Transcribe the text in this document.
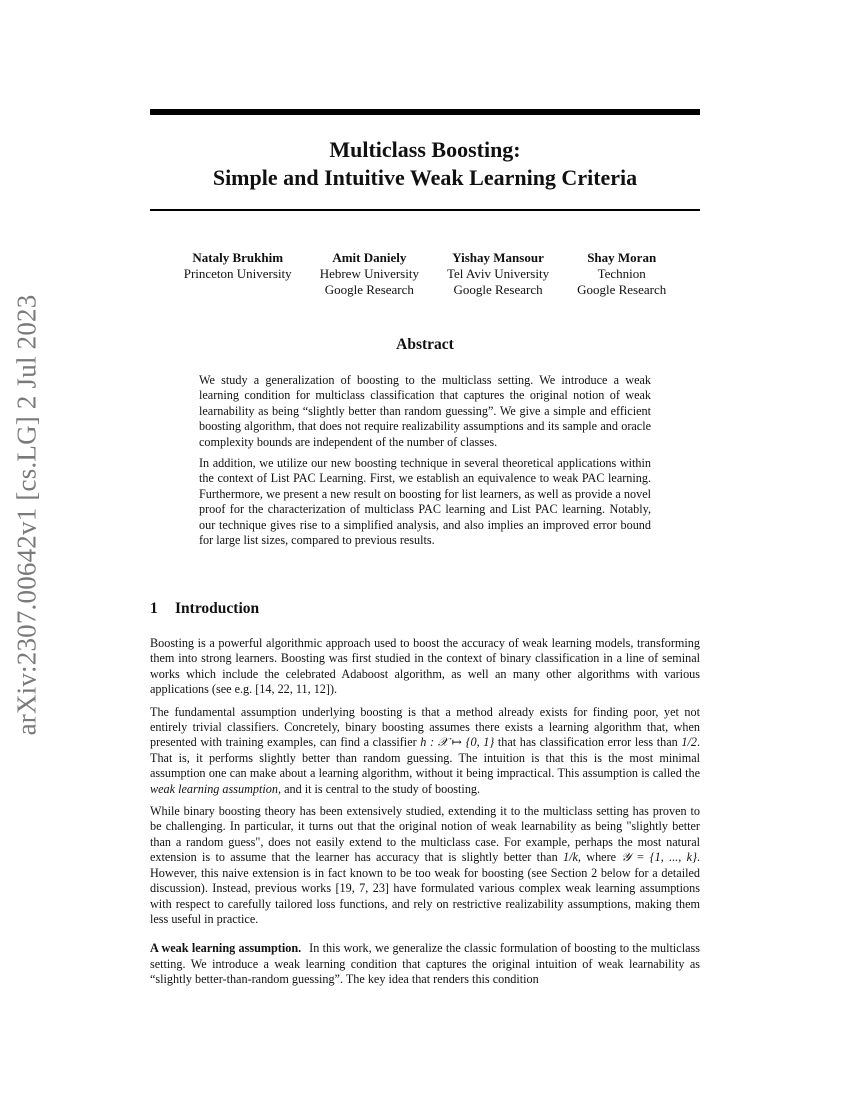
arXiv:2307.00642v1 [cs.LG] 2 Jul 2023
Multiclass Boosting:
Simple and Intuitive Weak Learning Criteria
Nataly Brukhim
Princeton University
Amit Daniely
Hebrew University
Google Research
Yishay Mansour
Tel Aviv University
Google Research
Shay Moran
Technion
Google Research
Abstract

We study a generalization of boosting to the multiclass setting. We introduce a weak learning condition for multiclass classification that captures the original notion of weak learnability as being “slightly better than random guessing”. We give a simple and efficient boosting algorithm, that does not require realizability assumptions and its sample and oracle complexity bounds are independent of the number of classes.

In addition, we utilize our new boosting technique in several theoretical applications within the context of List PAC Learning. First, we establish an equivalence to weak PAC learning. Furthermore, we present a new result on boosting for list learners, as well as provide a novel proof for the characterization of multiclass PAC learning and List PAC learning. Notably, our technique gives rise to a simplified analysis, and also implies an improved error bound for large list sizes, compared to previous results.

1 Introduction

Boosting is a powerful algorithmic approach used to boost the accuracy of weak learning models, transforming them into strong learners. Boosting was first studied in the context of binary classification in a line of seminal works which include the celebrated Adaboost algorithm, as well an many other algorithms with various applications (see e.g. [14, 22, 11, 12]).

The fundamental assumption underlying boosting is that a method already exists for finding poor, yet not entirely trivial classifiers. Concretely, binary boosting assumes there exists a learning algorithm that, when presented with training examples, can find a classifier h : 𝒳 ↦ {0, 1} that has classification error less than 1/2. That is, it performs slightly better than random guessing. The intuition is that this is the most minimal assumption one can make about a learning algorithm, without it being impractical. This assumption is called the weak learning assumption, and it is central to the study of boosting.

While binary boosting theory has been extensively studied, extending it to the multiclass setting has proven to be challenging. In particular, it turns out that the original notion of weak learnability as being "slightly better than a random guess", does not easily extend to the multiclass case. For example, perhaps the most natural extension is to assume that the learner has accuracy that is slightly better than 1/k, where 𝒴 = {1, ..., k}. However, this naive extension is in fact known to be too weak for boosting (see Section 2 below for a detailed discussion). Instead, previous works [19, 7, 23] have formulated various complex weak learning assumptions with respect to carefully tailored loss functions, and rely on restrictive realizability assumptions, making them less useful in practice.

A weak learning assumption. In this work, we generalize the classic formulation of boosting to the multiclass setting. We introduce a weak learning condition that captures the original intuition of weak learnability as “slightly better-than-random guessing”. The key idea that renders this condition
